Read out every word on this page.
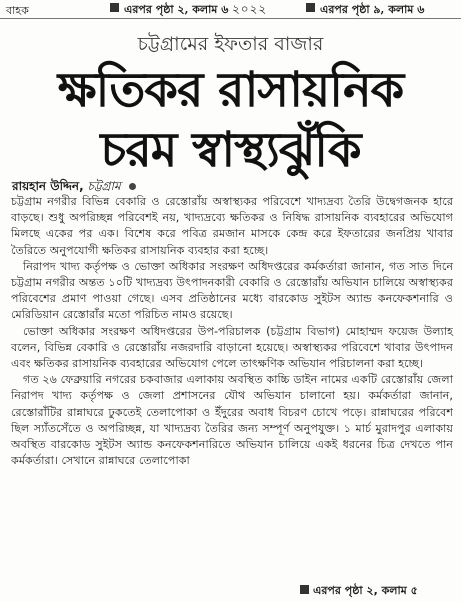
বাহক	এরপর পৃষ্ঠা ২, কলাম ৬ ২০২২	এরপর পৃষ্ঠা ৯, কলাম ৬
চট্টগ্রামের ইফতার বাজার
ক্ষতিকর রাসায়নিক
চরম স্বাস্থ্যঝুঁকি
রায়হান উদ্দিন, চট্টগ্রাম

চট্টগ্রাম নগরীর বিভিন্ন বেকারি ও রেস্তোরাঁয় অস্বাস্থ্যকর পরিবেশে খাদ্যদ্রব্য তৈরি উদ্বেগজনক হারে বাড়ছে। শুধু অপরিচ্ছন্ন পরিবেশই নয়, খাদ্যদ্রব্যে ক্ষতিকর ও নিষিদ্ধ রাসায়নিক ব্যবহারের অভিযোগ মিলছে একের পর এক। বিশেষ করে পবিত্র রমজান মাসকে কেন্দ্র করে ইফতারের জনপ্রিয় খাবার তৈরিতে অনুপযোগী ক্ষতিকর রাসায়নিক ব্যবহার করা হচ্ছে।

নিরাপদ খাদ্য কর্তৃপক্ষ ও ভোক্তা অধিকার সংরক্ষণ অধিদপ্তরের কর্মকর্তারা জানান, গত সাত দিনে চট্টগ্রাম নগরীর অন্তত ১০টি খাদ্যদ্রব্য উৎপাদনকারী বেকারি ও রেস্তোরাঁয় অভিযান চালিয়ে অস্বাস্থ্যকর পরিবেশের প্রমাণ পাওয়া গেছে। এসব প্রতিষ্ঠানের মধ্যে বারকোড সুইটস অ্যান্ড কনফেকশনারি ও মেরিডিয়ান রেস্তোরাঁর মতো পরিচিত নামও রয়েছে।

ভোক্তা অধিকার সংরক্ষণ অধিদপ্তরের উপ-পরিচালক (চট্টগ্রাম বিভাগ) মোহাম্মদ ফয়েজ উল্যাহ বলেন, বিভিন্ন বেকারি ও রেস্তোরাঁয় নজরদারি বাড়ানো হয়েছে। অস্বাস্থ্যকর পরিবেশে খাবার উৎপাদন এবং ক্ষতিকর রাসায়নিক ব্যবহারের অভিযোগ পেলে তাৎক্ষণিক অভিযান পরিচালনা করা হচ্ছে।

গত ২৬ ফেব্রুয়ারি নগরের চকবাজার এলাকায় অবস্থিত কাচ্চি ডাইন নামের একটি রেস্তোরাঁয় জেলা নিরাপদ খাদ্য কর্তৃপক্ষ ও জেলা প্রশাসনের যৌথ অভিযান চালানো হয়। কর্মকর্তারা জানান, রেস্তোরাঁটির রান্নাঘরে ঢুকতেই তেলাপোকা ও ইঁদুরের অবাধ বিচরণ চোখে পড়ে। রান্নাঘরের পরিবেশ ছিল স্যাঁতসেঁতে ও অপরিচ্ছন্ন, যা খাদ্যদ্রব্য তৈরির জন্য সম্পূর্ণ অনুপযুক্ত। ১ মার্চ মুরাদপুর এলাকায় অবস্থিত বারকোড সুইটস অ্যান্ড কনফেকশনারিতে অভিযান চালিয়ে একই ধরনের চিত্র দেখতে পান কর্মকর্তারা। সেখানে রান্নাঘরে তেলাপোকা

এরপর পৃষ্ঠা ২, কলাম ৫
